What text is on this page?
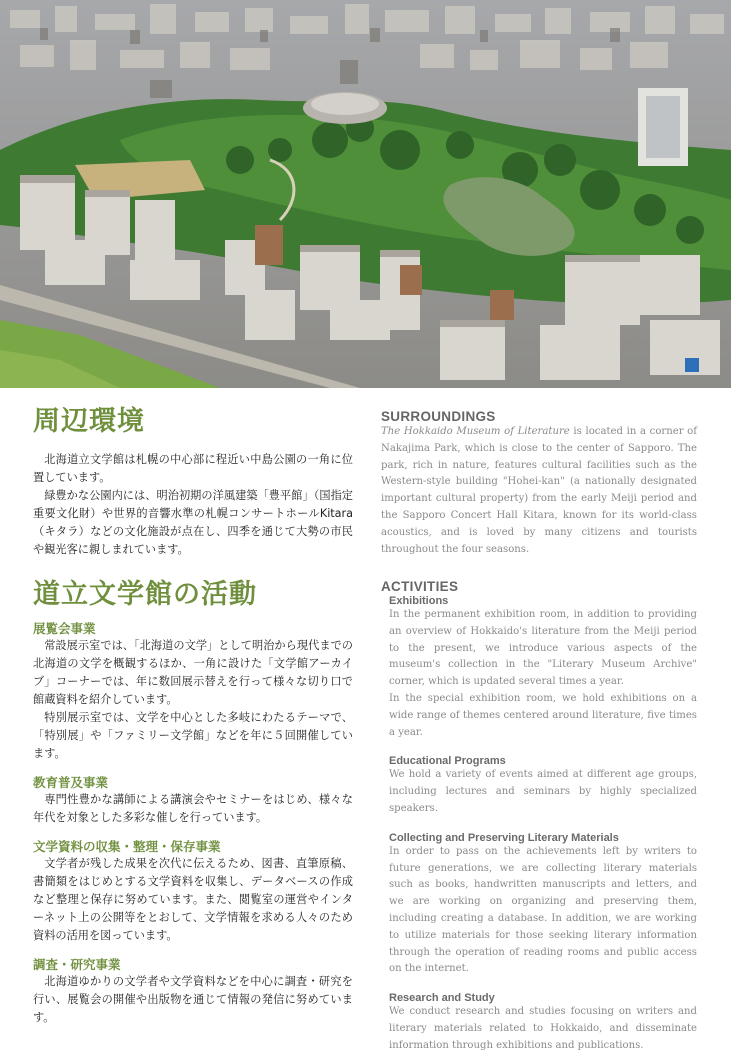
周辺環境

北海道立文学館は札幌の中心部に程近い中島公園の一角に位置しています。

緑豊かな公園内には、明治初期の洋風建築「豊平館」（国指定重要文化財）や世界的音響水準の札幌コンサートホールKitara（キタラ）などの文化施設が点在し、四季を通じて大勢の市民や観光客に親しまれています。

道立文学館の活動

展覧会事業

常設展示室では、「北海道の文学」として明治から現代までの北海道の文学を概観するほか、一角に設けた「文学館アーカイブ」コーナーでは、年に数回展示替えを行って様々な切り口で館蔵資料を紹介しています。

特別展示室では、文学を中心とした多岐にわたるテーマで、「特別展」や「ファミリー文学館」などを年に５回開催しています。

教育普及事業

専門性豊かな講師による講演会やセミナーをはじめ、様々な年代を対象とした多彩な催しを行っています。

文学資料の収集・整理・保存事業

文学者が残した成果を次代に伝えるため、図書、直筆原稿、書簡類をはじめとする文学資料を収集し、データベースの作成など整理と保存に努めています。また、閲覧室の運営やインターネット上の公開等をとおして、文学情報を求める人々のため資料の活用を図っています。

調査・研究事業

北海道ゆかりの文学者や文学資料などを中心に調査・研究を行い、展覧会の開催や出版物を通じて情報の発信に努めています。

SURROUNDINGS

The Hokkaido Museum of Literature is located in a corner of Nakajima Park, which is close to the center of Sapporo. The park, rich in nature, features cultural facilities such as the Western-style building "Hohei-kan" (a nationally designated important cultural property) from the early Meiji period and the Sapporo Concert Hall Kitara, known for its world-class acoustics, and is loved by many citizens and tourists throughout the four seasons.

ACTIVITIES

Exhibitions

In the permanent exhibition room, in addition to providing an overview of Hokkaido's literature from the Meiji period to the present, we introduce various aspects of the museum's collection in the "Literary Museum Archive" corner, which is updated several times a year.

In the special exhibition room, we hold exhibitions on a wide range of themes centered around literature, five times a year.

Educational Programs

We hold a variety of events aimed at different age groups, including lectures and seminars by highly specialized speakers.

Collecting and Preserving Literary Materials

In order to pass on the achievements left by writers to future generations, we are collecting literary materials such as books, handwritten manuscripts and letters, and we are working on organizing and preserving them, including creating a database. In addition, we are working to utilize materials for those seeking literary information through the operation of reading rooms and public access on the internet.

Research and Study

We conduct research and studies focusing on writers and literary materials related to Hokkaido, and disseminate information through exhibitions and publications.
